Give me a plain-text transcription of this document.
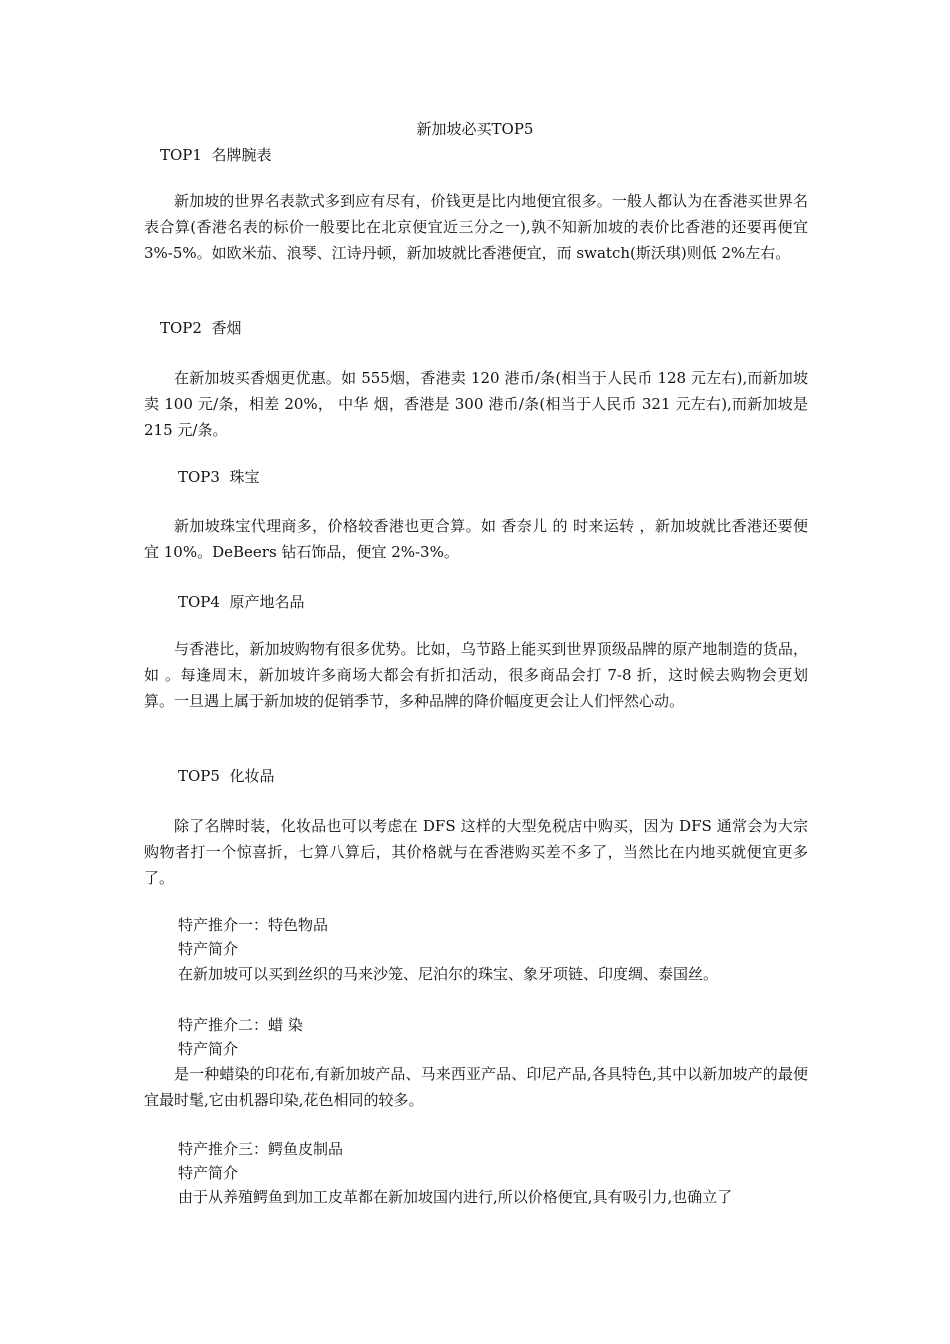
新加坡必买TOP5
TOP1  名牌腕表
新加坡的世界名表款式多到应有尽有，价钱更是比内地便宜很多。一般人都认为在香港买世界名表合算(香港名表的标价一般要比在北京便宜近三分之一),孰不知新加坡的表价比香港的还要再便宜 3%-5%。如欧米茄、浪琴、江诗丹顿，新加坡就比香港便宜，而 swatch(斯沃琪)则低 2%左右。
TOP2  香烟
在新加坡买香烟更优惠。如 555烟，香港卖 120 港币/条(相当于人民币 128 元左右),而新加坡卖 100 元/条，相差 20%， 中华 烟，香港是 300 港币/条(相当于人民币 321 元左右),而新加坡是 215 元/条。
TOP3  珠宝
新加坡珠宝代理商多，价格较香港也更合算。如 香奈儿 的 时来运转 ，新加坡就比香港还要便宜 10%。DeBeers 钻石饰品，便宜 2%-3%。
TOP4  原产地名品
与香港比，新加坡购物有很多优势。比如，乌节路上能买到世界顶级品牌的原产地制造的货品，如 。每逢周末，新加坡许多商场大都会有折扣活动，很多商品会打 7-8 折，这时候去购物会更划算。一旦遇上属于新加坡的促销季节，多种品牌的降价幅度更会让人们怦然心动。
TOP5  化妆品
除了名牌时装，化妆品也可以考虑在 DFS 这样的大型免税店中购买，因为 DFS 通常会为大宗购物者打一个惊喜折，七算八算后，其价格就与在香港购买差不多了，当然比在内地买就便宜更多了。
特产推介一：特色物品
特产简介
在新加坡可以买到丝织的马来沙笼、尼泊尔的珠宝、象牙项链、印度绸、泰国丝。
特产推介二：蜡 染
特产简介
是一种蜡染的印花布,有新加坡产品、马来西亚产品、印尼产品,各具特色,其中以新加坡产的最便宜最时髦,它由机器印染,花色相同的较多。
特产推介三：鳄鱼皮制品
特产简介
由于从养殖鳄鱼到加工皮革都在新加坡国内进行,所以价格便宜,具有吸引力,也确立了
